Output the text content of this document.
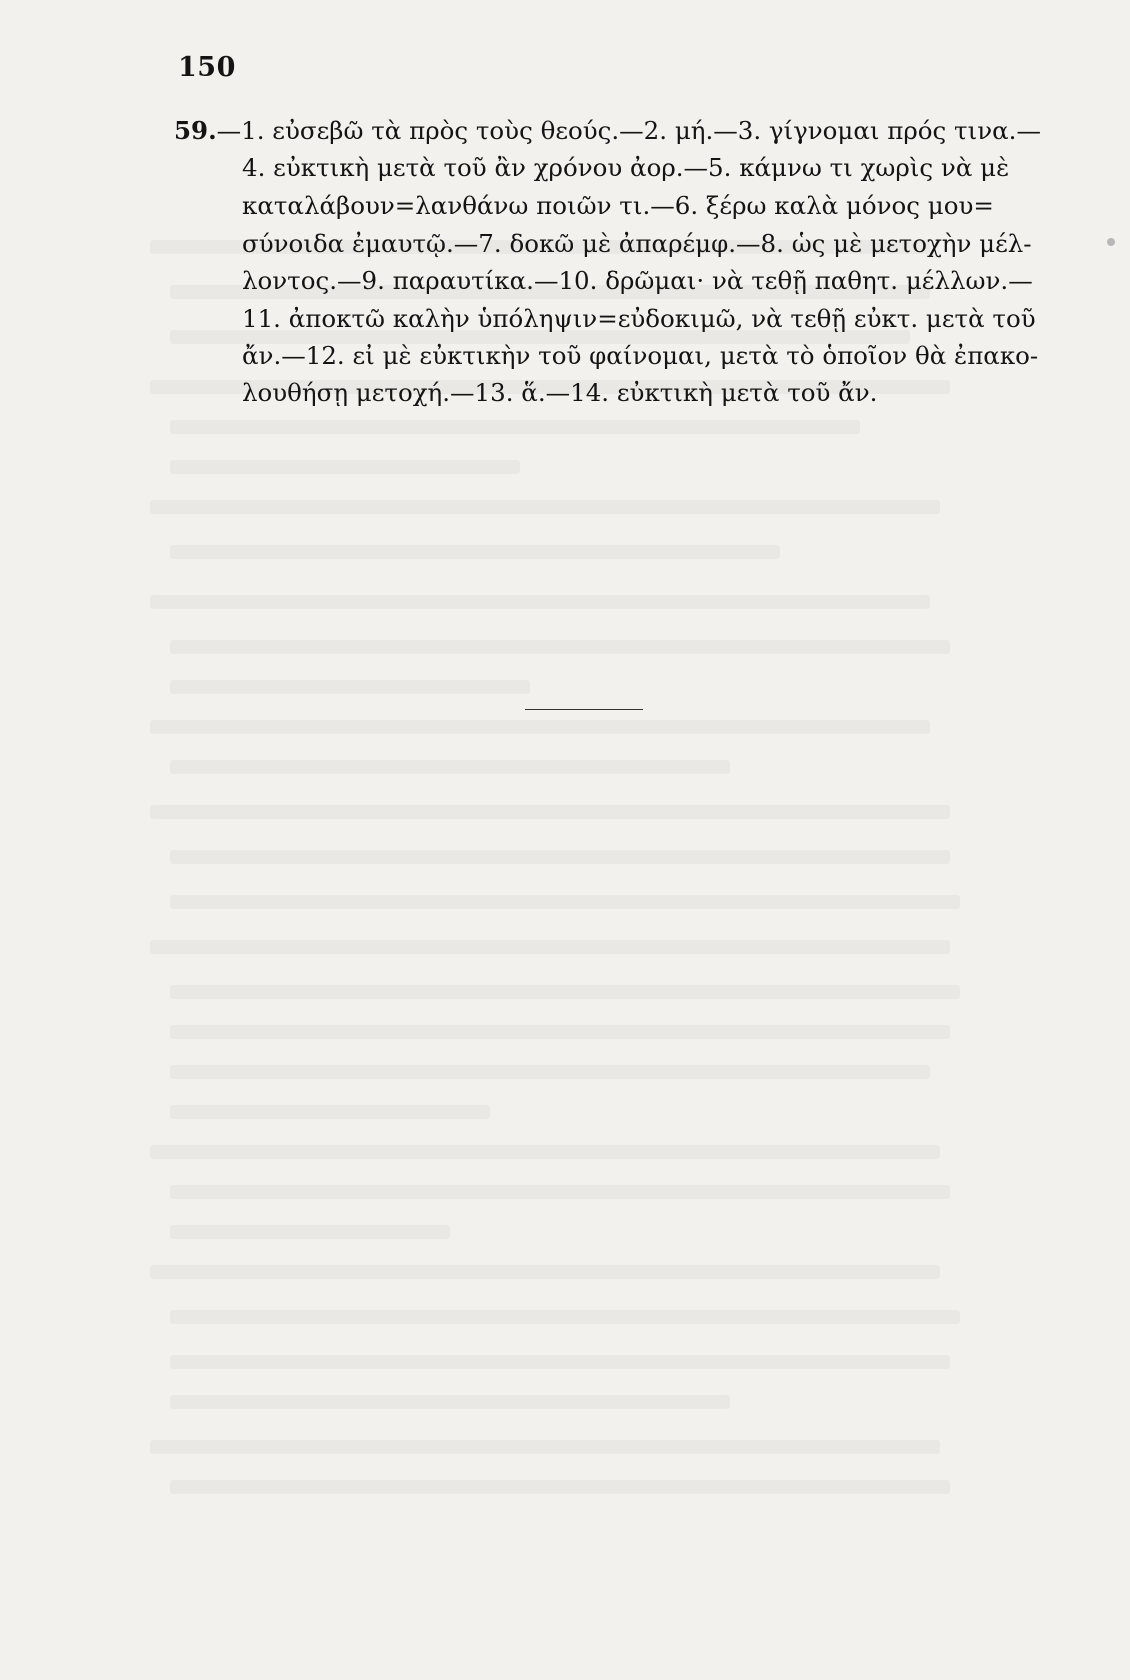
150
59.—1. εὐσεβῶ τὰ πρὸς τοὺς θεούς.—2. μή.—3. γίγνομαι πρός τινα.—
4. εὐκτικὴ μετὰ τοῦ ἂν χρόνου ἀορ.—5. κάμνω τι χωρὶς νὰ μὲ
καταλάβουν=λανθάνω ποιῶν τι.—6. ξέρω καλὰ μόνος μου=
σύνοιδα ἐμαυτῷ.—7. δοκῶ μὲ ἀπαρέμφ.—8. ὡς μὲ μετοχὴν μέλ-
λοντος.—9. παραυτίκα.—10. δρῶμαι· νὰ τεθῇ παθητ. μέλλων.—
11. ἀποκτῶ καλὴν ὑπόληψιν=εὐδοκιμῶ, νὰ τεθῇ εὐκτ. μετὰ τοῦ
ἄν.—12. εἰ μὲ εὐκτικὴν τοῦ φαίνομαι, μετὰ τὸ ὁποῖον θὰ ἐπακο-
λουθήσῃ μετοχή.—13. ἅ.—14. εὐκτικὴ μετὰ τοῦ ἄν.
